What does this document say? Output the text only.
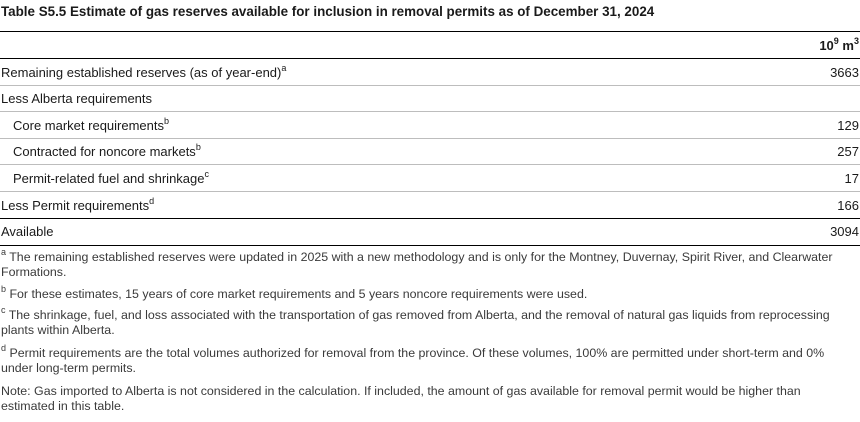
Table S5.5 Estimate of gas reserves available for inclusion in removal permits as of December 31, 2024
$10^9$ $m^3$
Remaining established reserves (as of year-end)$^a$	3663
Less Alberta requirements
Core market requirements$^b$	129
Contracted for noncore markets$^b$	257
Permit-related fuel and shrinkage$^c$	17
Less Permit requirements$^d$	166
Available	3094
$^a$ The remaining established reserves were updated in 2025 with a new methodology and is only for the Montney, Duvernay, Spirit River, and Clearwater Formations.
$^b$ For these estimates, 15 years of core market requirements and 5 years noncore requirements were used.
$^c$ The shrinkage, fuel, and loss associated with the transportation of gas removed from Alberta, and the removal of natural gas liquids from reprocessing plants within Alberta.
$^d$ Permit requirements are the total volumes authorized for removal from the province. Of these volumes, 100% are permitted under short-term and 0% under long-term permits.
Note: Gas imported to Alberta is not considered in the calculation. If included, the amount of gas available for removal permit would be higher than estimated in this table.
